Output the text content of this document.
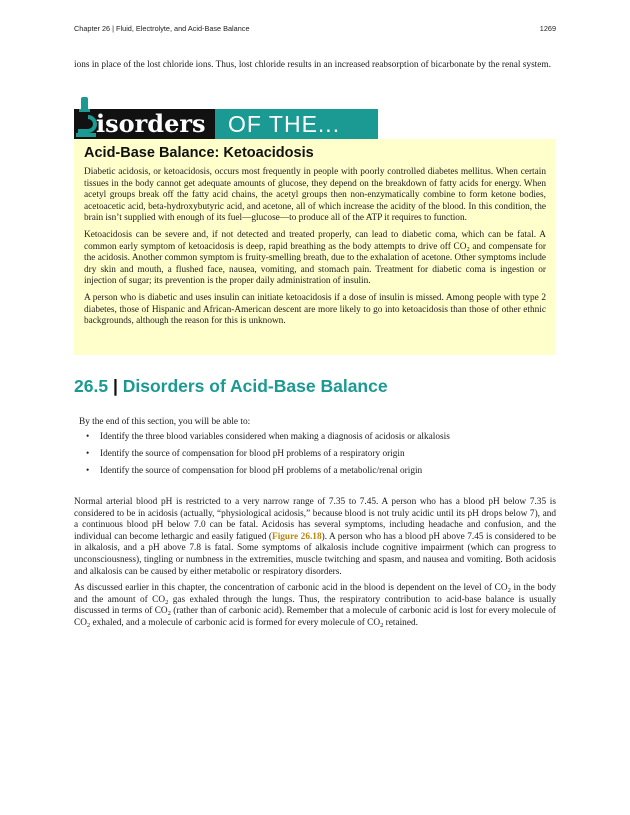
Chapter 26 | Fluid, Electrolyte, and Acid-Base Balance	1269

ions in place of the lost chloride ions. Thus, lost chloride results in an increased reabsorption of bicarbonate by the renal system.

isorders OF THE...
Acid-Base Balance: Ketoacidosis

Diabetic acidosis, or ketoacidosis, occurs most frequently in people with poorly controlled diabetes mellitus. When certain tissues in the body cannot get adequate amounts of glucose, they depend on the breakdown of fatty acids for energy. When acetyl groups break off the fatty acid chains, the acetyl groups then non-enzymatically combine to form ketone bodies, acetoacetic acid, beta-hydroxybutyric acid, and acetone, all of which increase the acidity of the blood. In this condition, the brain isn’t supplied with enough of its fuel—glucose—to produce all of the ATP it requires to function.

Ketoacidosis can be severe and, if not detected and treated properly, can lead to diabetic coma, which can be fatal. A common early symptom of ketoacidosis is deep, rapid breathing as the body attempts to drive off $CO_2$ and compensate for the acidosis. Another common symptom is fruity-smelling breath, due to the exhalation of acetone. Other symptoms include dry skin and mouth, a flushed face, nausea, vomiting, and stomach pain. Treatment for diabetic coma is ingestion or injection of sugar; its prevention is the proper daily administration of insulin.

A person who is diabetic and uses insulin can initiate ketoacidosis if a dose of insulin is missed. Among people with type 2 diabetes, those of Hispanic and African-American descent are more likely to go into ketoacidosis than those of other ethnic backgrounds, although the reason for this is unknown.

26.5 | Disorders of Acid-Base Balance
By the end of this section, you will be able to:
• Identify the three blood variables considered when making a diagnosis of acidosis or alkalosis
• Identify the source of compensation for blood pH problems of a respiratory origin
• Identify the source of compensation for blood pH problems of a metabolic/renal origin

Normal arterial blood pH is restricted to a very narrow range of 7.35 to 7.45. A person who has a blood pH below 7.35 is considered to be in acidosis (actually, “physiological acidosis,” because blood is not truly acidic until its pH drops below 7), and a continuous blood pH below 7.0 can be fatal. Acidosis has several symptoms, including headache and confusion, and the individual can become lethargic and easily fatigued (Figure 26.18). A person who has a blood pH above 7.45 is considered to be in alkalosis, and a pH above 7.8 is fatal. Some symptoms of alkalosis include cognitive impairment (which can progress to unconsciousness), tingling or numbness in the extremities, muscle twitching and spasm, and nausea and vomiting. Both acidosis and alkalosis can be caused by either metabolic or respiratory disorders.

As discussed earlier in this chapter, the concentration of carbonic acid in the blood is dependent on the level of $CO_2$ in the body and the amount of $CO_2$ gas exhaled through the lungs. Thus, the respiratory contribution to acid-base balance is usually discussed in terms of $CO_2$ (rather than of carbonic acid). Remember that a molecule of carbonic acid is lost for every molecule of $CO_2$ exhaled, and a molecule of carbonic acid is formed for every molecule of $CO_2$ retained.
